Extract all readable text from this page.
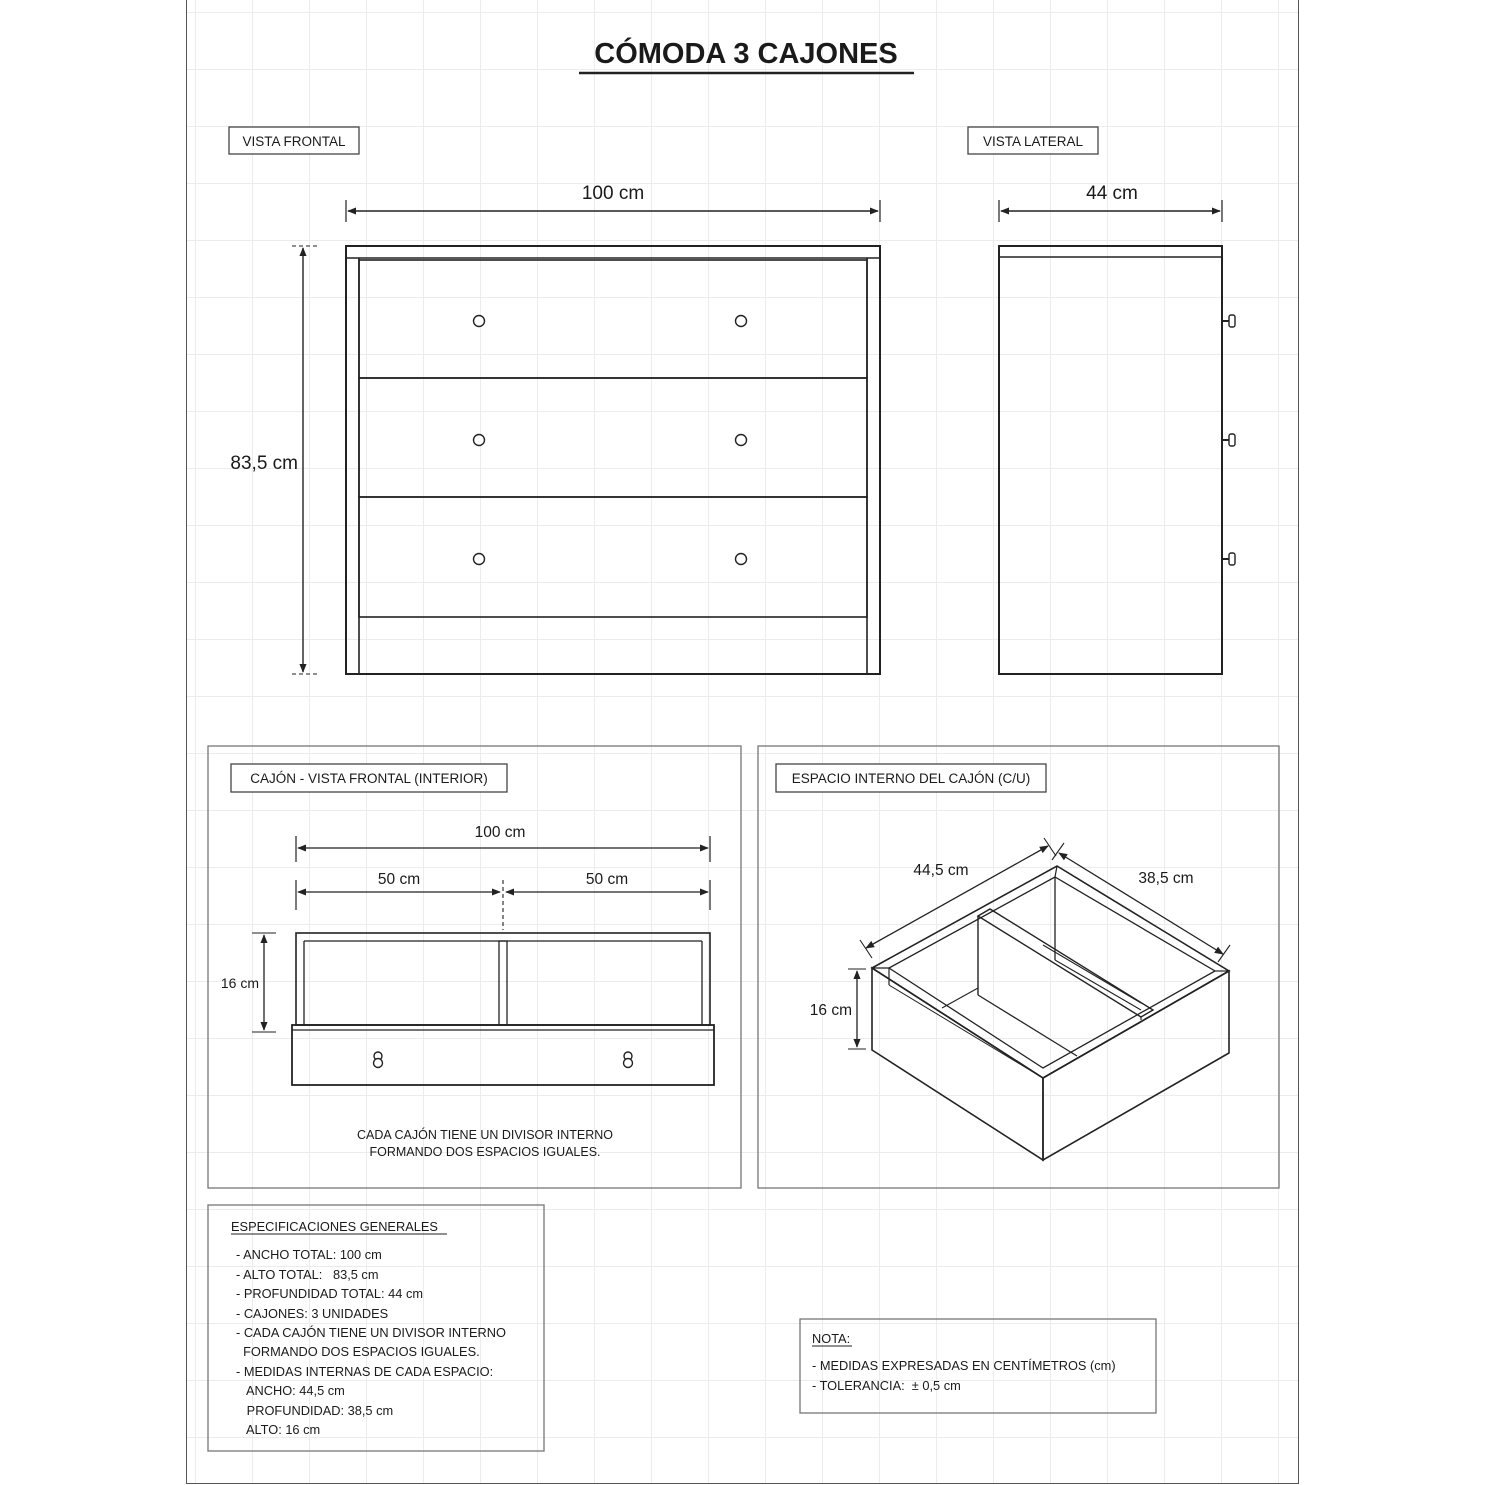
CÓMODA 3 CAJONES
VISTA FRONTAL
100 cm
83,5 cm
VISTA LATERAL
44 cm
CAJÓN - VISTA FRONTAL (INTERIOR)
100 cm
50 cm	50 cm
16 cm
CADA CAJÓN TIENE UN DIVISOR INTERNO
FORMANDO DOS ESPACIOS IGUALES.
ESPACIO INTERNO DEL CAJÓN (C/U)
44,5 cm	38,5 cm
16 cm
ESPECIFICACIONES GENERALES
- ANCHO TOTAL: 100 cm
- ALTO TOTAL:   83,5 cm
- PROFUNDIDAD TOTAL: 44 cm
- CAJONES: 3 UNIDADES
- CADA CAJÓN TIENE UN DIVISOR INTERNO
FORMANDO DOS ESPACIOS IGUALES.
- MEDIDAS INTERNAS DE CADA ESPACIO:
ANCHO: 44,5 cm
PROFUNDIDAD: 38,5 cm
ALTO: 16 cm
NOTA:
- MEDIDAS EXPRESADAS EN CENTÍMETROS (cm)
- TOLERANCIA:  ± 0,5 cm
